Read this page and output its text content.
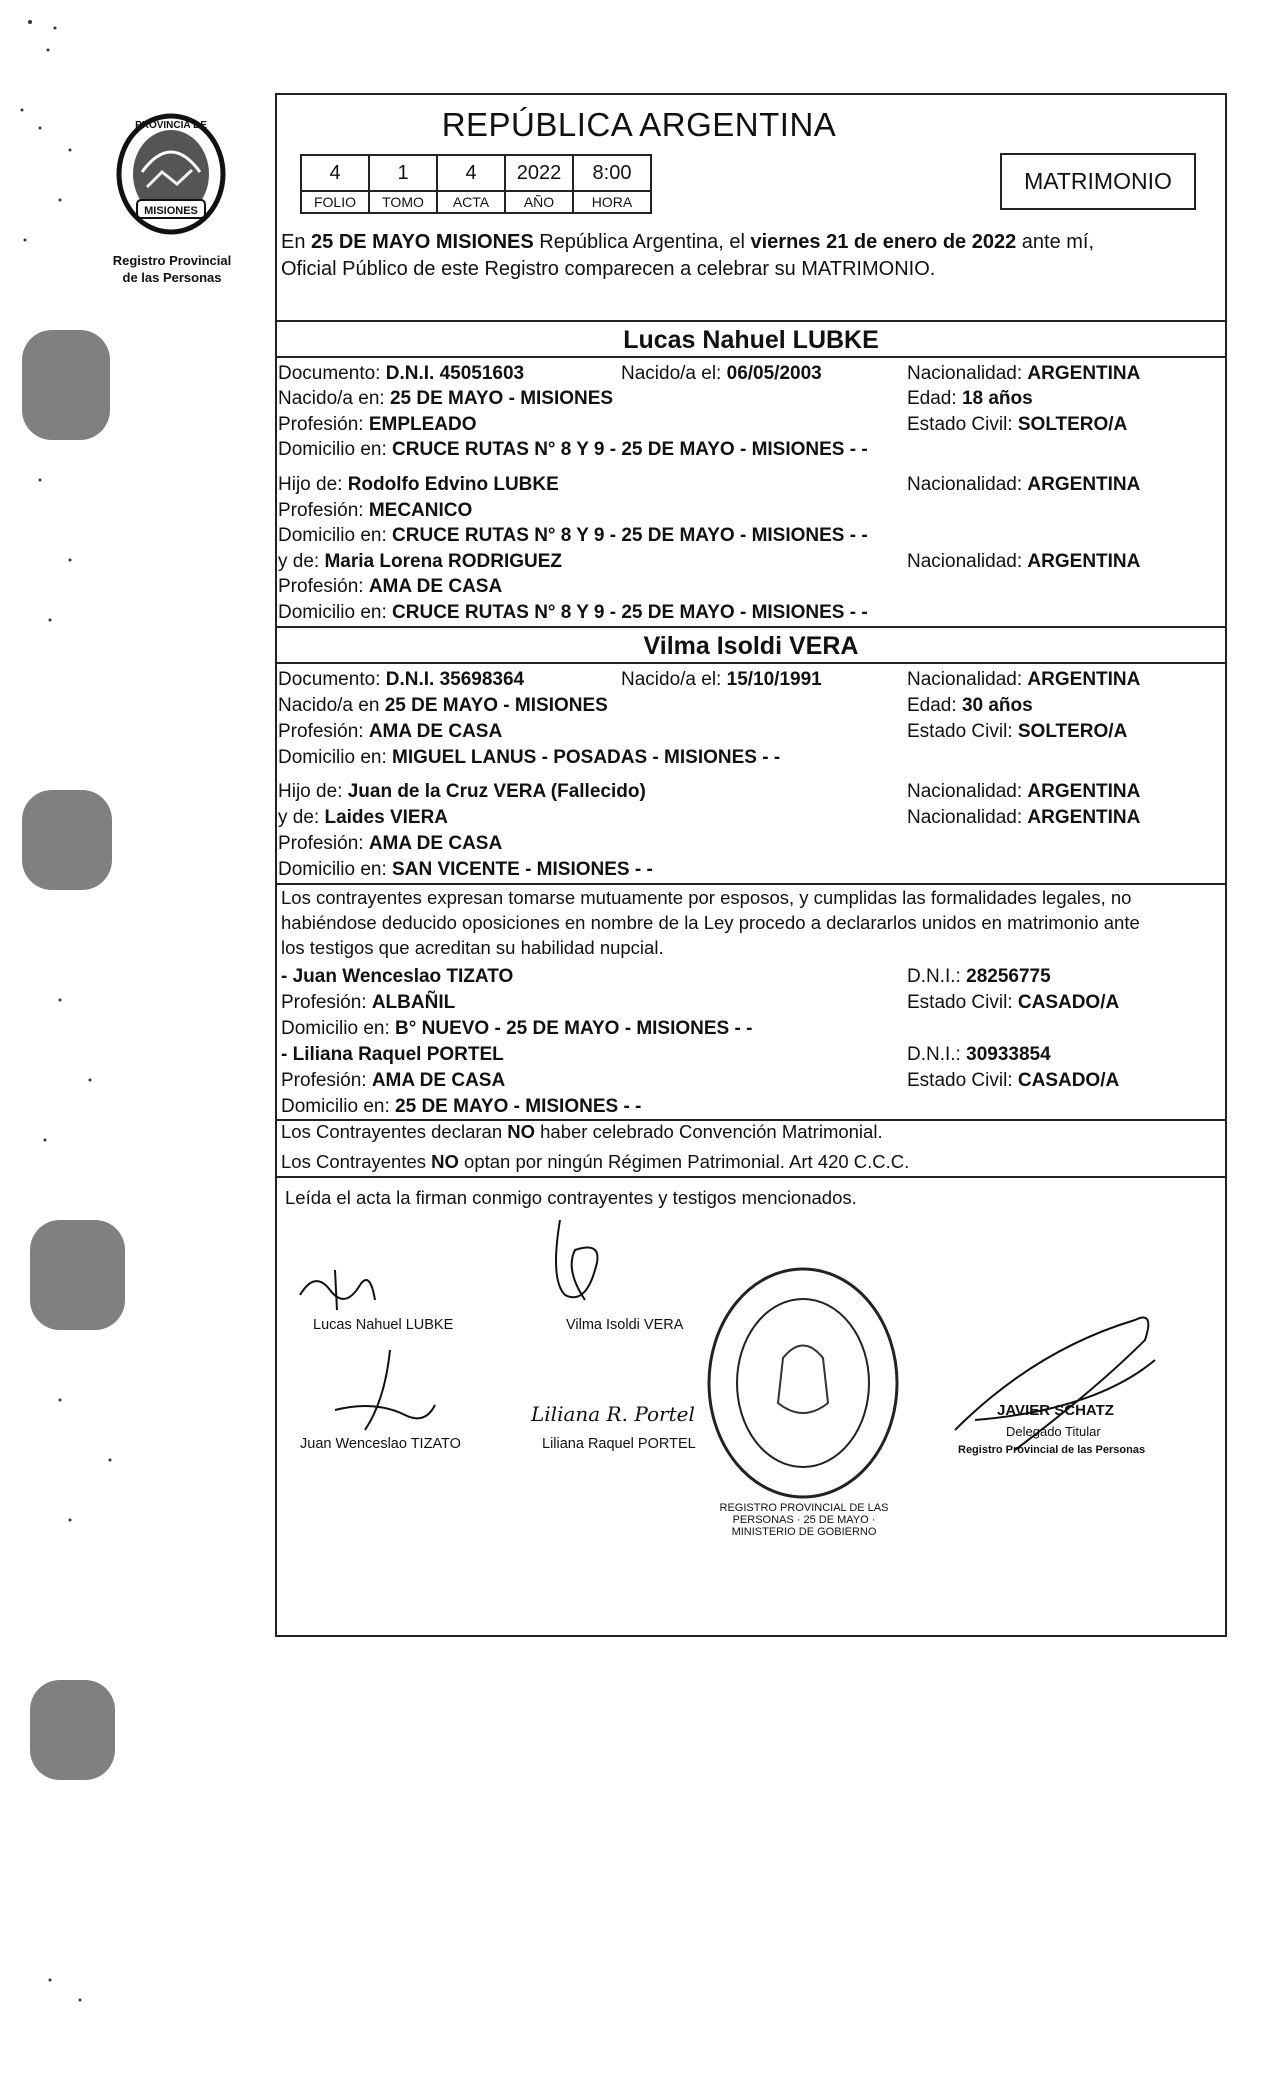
PROVINCIA DE
MISIONES
Registro Provincial
de las Personas
REPÚBLICA ARGENTINA
4	1	4	2022	8:00
FOLIO	TOMO	ACTA	AÑO	HORA
MATRIMONIO
En 25 DE MAYO MISIONES República Argentina, el viernes 21 de enero de 2022 ante mí,
Oficial Público de este Registro comparecen a celebrar su MATRIMONIO.
Lucas Nahuel LUBKE
Documento: D.N.I. 45051603	Nacido/a el: 06/05/2003	Nacionalidad: ARGENTINA
Nacido/a en: 25 DE MAYO - MISIONES	Edad: 18 años
Profesión: EMPLEADO	Estado Civil: SOLTERO/A
Domicilio en: CRUCE RUTAS N° 8 Y 9 - 25 DE MAYO - MISIONES - -
Hijo de: Rodolfo Edvino LUBKE	Nacionalidad: ARGENTINA
Profesión: MECANICO
Domicilio en: CRUCE RUTAS N° 8 Y 9 - 25 DE MAYO - MISIONES - -
y de: Maria Lorena RODRIGUEZ	Nacionalidad: ARGENTINA
Profesión: AMA DE CASA
Domicilio en: CRUCE RUTAS N° 8 Y 9 - 25 DE MAYO - MISIONES - -
Vilma Isoldi VERA
Documento: D.N.I. 35698364	Nacido/a el: 15/10/1991	Nacionalidad: ARGENTINA
Nacido/a en 25 DE MAYO - MISIONES	Edad: 30 años
Profesión: AMA DE CASA	Estado Civil: SOLTERO/A
Domicilio en: MIGUEL LANUS - POSADAS - MISIONES - -
Hijo de: Juan de la Cruz VERA (Fallecido)	Nacionalidad: ARGENTINA
y de: Laides VIERA	Nacionalidad: ARGENTINA
Profesión: AMA DE CASA
Domicilio en: SAN VICENTE - MISIONES - -
Los contrayentes expresan tomarse mutuamente por esposos, y cumplidas las formalidades legales, no
habiéndose deducido oposiciones en nombre de la Ley procedo a declararlos unidos en matrimonio ante
los testigos que acreditan su habilidad nupcial.
- Juan Wenceslao TIZATO	D.N.I.: 28256775
Profesión: ALBAÑIL	Estado Civil: CASADO/A
Domicilio en: B° NUEVO - 25 DE MAYO - MISIONES - -
- Liliana Raquel PORTEL	D.N.I.: 30933854
Profesión: AMA DE CASA	Estado Civil: CASADO/A
Domicilio en: 25 DE MAYO - MISIONES - -
Los Contrayentes declaran NO haber celebrado Convención Matrimonial.
Los Contrayentes NO optan por ningún Régimen Patrimonial. Art 420 C.C.C.
Leída el acta la firman conmigo contrayentes y testigos mencionados.
REGISTRO PROVINCIAL DE LAS PERSONAS · 25 DE MAYO · MINISTERIO DE GOBIERNO
Lucas Nahuel LUBKE	Vilma Isoldi VERA
Juan Wenceslao TIZATO
Liliana R. Portel
Liliana Raquel PORTEL
JAVIER SCHATZ
Delegado Titular
Registro Provincial de las Personas
